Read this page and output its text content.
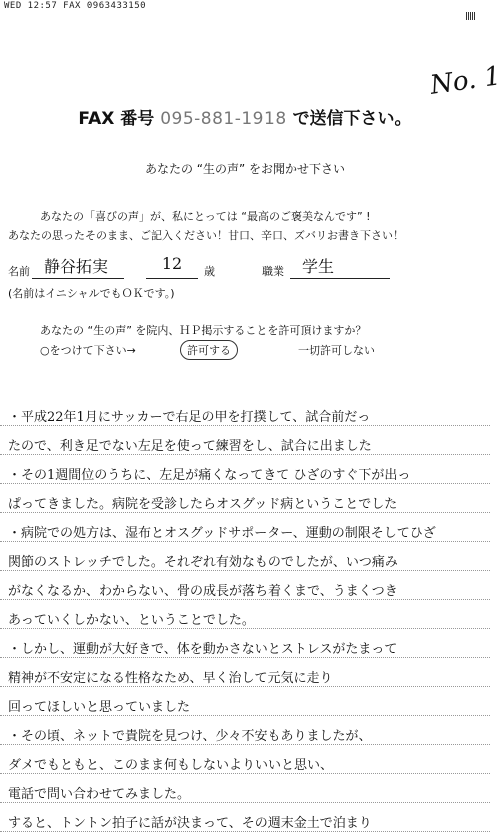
WED 12:57 FAX 0963433150
No. 1
FAX 番号 095-881-1918 で送信下さい。
あなたの “生の声” をお聞かせ下さい
あなたの「喜びの声」が、私にとっては “最高のご褒美なんです” !
あなたの思ったそのまま、ご記入ください！甘口、辛口、ズバリお書き下さい！
名前 静谷拓実	12	歳	職業	学生
(名前はイニシャルでもＯＫです。)
あなたの “生の声” を院内、ＨＰ掲示することを許可頂けますか？
○をつけて下さい→	許可する	一切許可しない
・平成22年1月にサッカーで右足の甲を打撲して、試合前だっ
たので、利き足でない左足を使って練習をし、試合に出ました
・その1週間位のうちに、左足が痛くなってきて ひざのすぐ下が出っ
ぱってきました。病院を受診したらオスグッド病ということでした
・病院での処方は、湿布とオスグッドサポーター、運動の制限そしてひざ
関節のストレッチでした。それぞれ有効なものでしたが、いつ痛み
がなくなるか、わからない、骨の成長が落ち着くまで、うまくつき
あっていくしかない、ということでした。
・しかし、運動が大好きで、体を動かさないとストレスがたまって
精神が不安定になる性格なため、早く治して元気に走り
回ってほしいと思っていました
・その頃、ネットで貴院を見つけ、少々不安もありましたが、
ダメでもともと、このまま何もしないよりいいと思い、
電話で問い合わせてみました。
すると、トントン拍子に話が決まって、その週末金土で泊まり
